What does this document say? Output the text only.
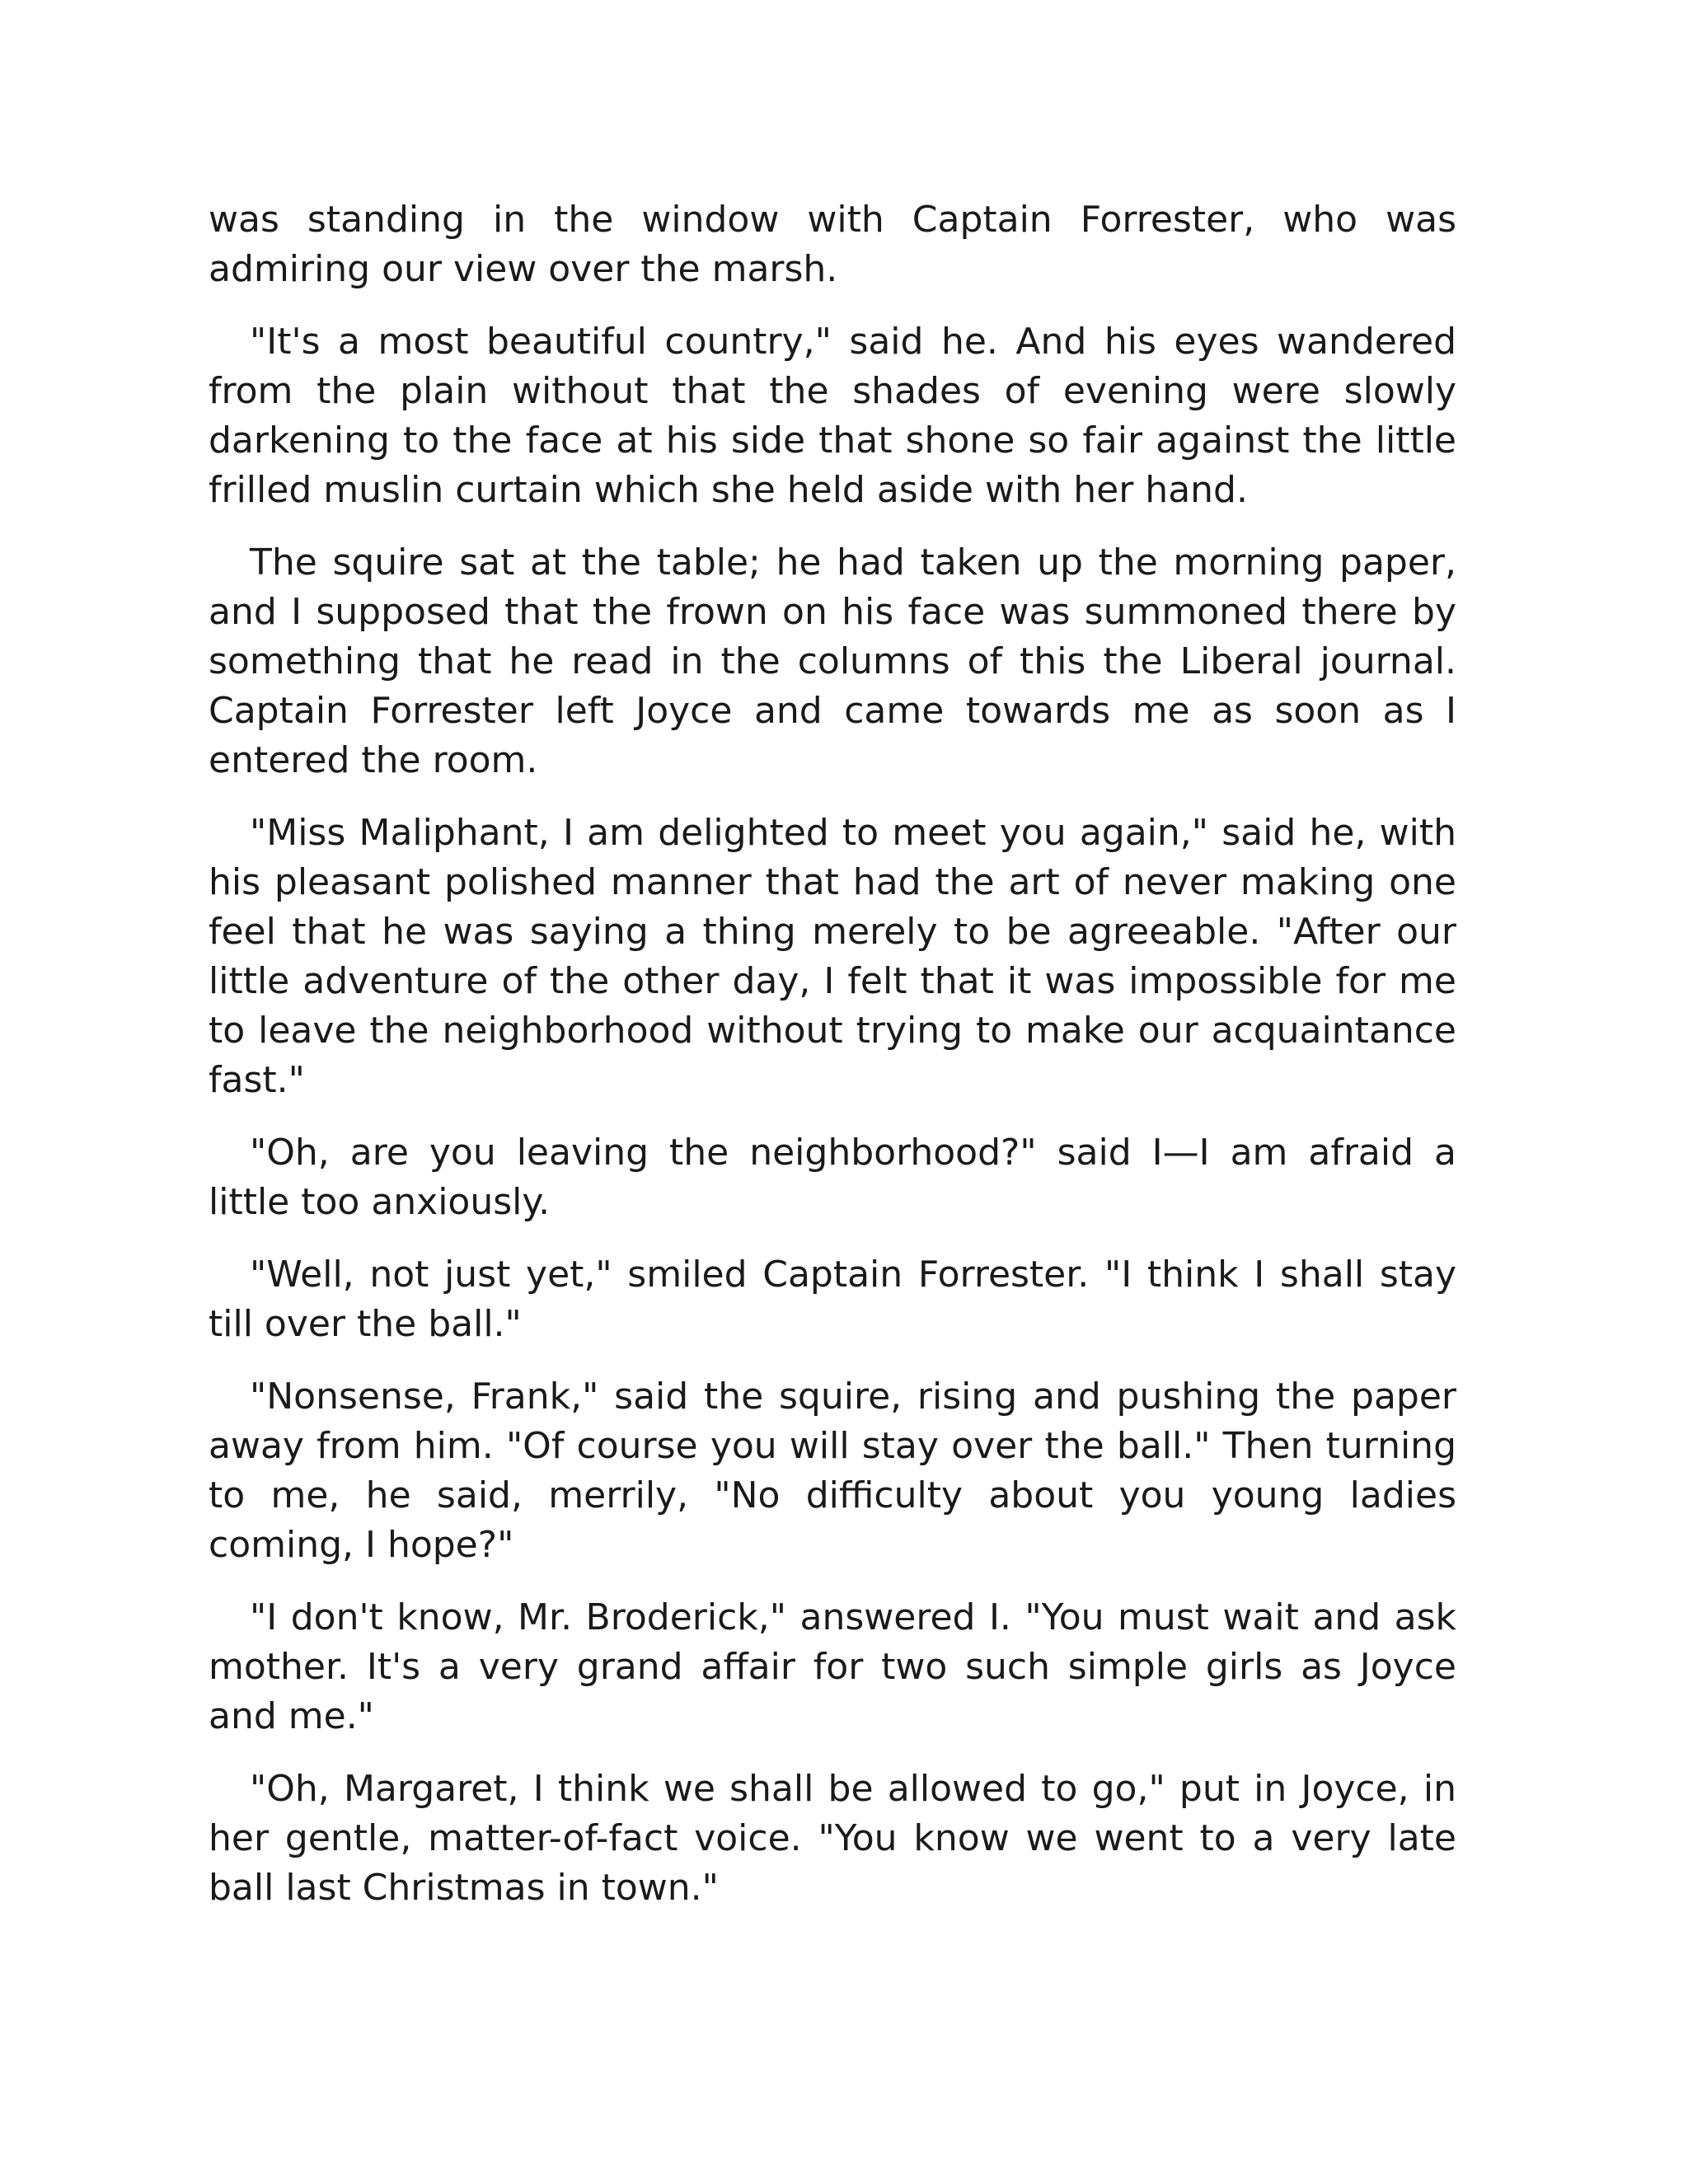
was standing in the window with Captain Forrester, who was admiring our view over the marsh.

"It's a most beautiful country," said he. And his eyes wandered from the plain without that the shades of evening were slowly darkening to the face at his side that shone so fair against the little frilled muslin curtain which she held aside with her hand.

The squire sat at the table; he had taken up the morning paper, and I supposed that the frown on his face was summoned there by something that he read in the columns of this the Liberal journal. Captain Forrester left Joyce and came towards me as soon as I entered the room.

"Miss Maliphant, I am delighted to meet you again," said he, with his pleasant polished manner that had the art of never making one feel that he was saying a thing merely to be agreeable. "After our little adventure of the other day, I felt that it was impossible for me to leave the neighborhood without trying to make our acquaintance fast."

"Oh, are you leaving the neighborhood?" said I—I am afraid a little too anxiously.

"Well, not just yet," smiled Captain Forrester. "I think I shall stay till over the ball."

"Nonsense, Frank," said the squire, rising and pushing the paper away from him. "Of course you will stay over the ball." Then turning to me, he said, merrily, "No difficulty about you young ladies coming, I hope?"

"I don't know, Mr. Broderick," answered I. "You must wait and ask mother. It's a very grand affair for two such simple girls as Joyce and me."

"Oh, Margaret, I think we shall be allowed to go," put in Joyce, in her gentle, matter-of-fact voice. "You know we went to a very late ball last Christmas in town."
